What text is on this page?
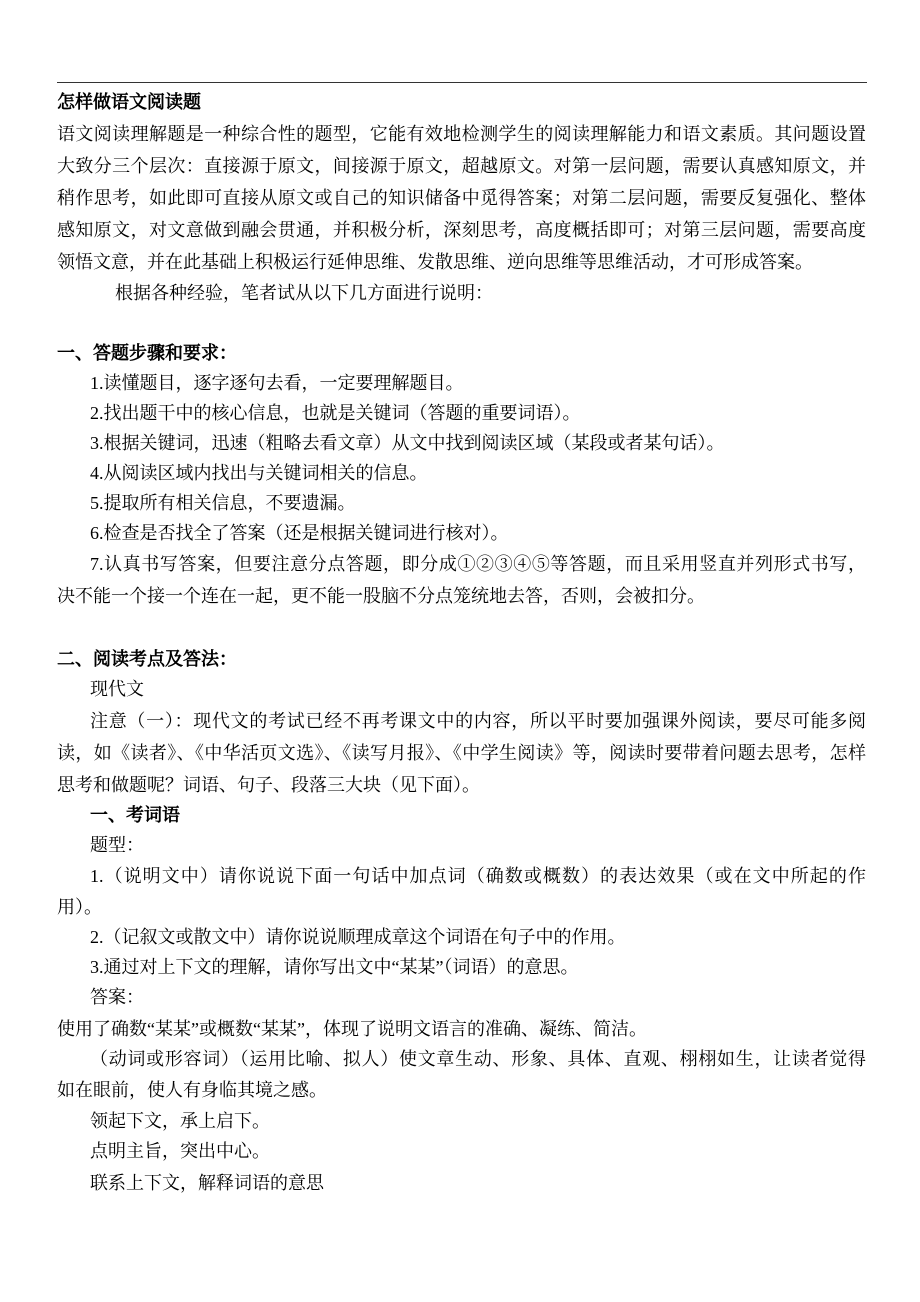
怎样做语文阅读题
语文阅读理解题是一种综合性的题型，它能有效地检测学生的阅读理解能力和语文素质。其问题设置
大致分三个层次：直接源于原文，间接源于原文，超越原文。对第一层问题，需要认真感知原文，并
稍作思考，如此即可直接从原文或自己的知识储备中觅得答案；对第二层问题，需要反复强化、整体
感知原文，对文意做到融会贯通，并积极分析，深刻思考，高度概括即可；对第三层问题，需要高度
领悟文意，并在此基础上积极运行延伸思维、发散思维、逆向思维等思维活动，才可形成答案。
根据各种经验，笔者试从以下几方面进行说明：
一、答题步骤和要求：
1.读懂题目，逐字逐句去看，一定要理解题目。
2.找出题干中的核心信息，也就是关键词（答题的重要词语）。
3.根据关键词，迅速（粗略去看文章）从文中找到阅读区域（某段或者某句话）。
4.从阅读区域内找出与关键词相关的信息。
5.提取所有相关信息，不要遗漏。
6.检查是否找全了答案（还是根据关键词进行核对）。
7.认真书写答案，但要注意分点答题，即分成①②③④⑤等答题，而且采用竖直并列形式书写，
决不能一个接一个连在一起，更不能一股脑不分点笼统地去答，否则，会被扣分。
二、阅读考点及答法：
现代文
注意（一）：现代文的考试已经不再考课文中的内容，所以平时要加强课外阅读，要尽可能多阅
读，如《读者》、《中华活页文选》、《读写月报》、《中学生阅读》等，阅读时要带着问题去思考，怎样
思考和做题呢？词语、句子、段落三大块（见下面）。
一、考词语
题型：
1.（说明文中）请你说说下面一句话中加点词（确数或概数）的表达效果（或在文中所起的作
用）。
2.（记叙文或散文中）请你说说顺理成章这个词语在句子中的作用。
3.通过对上下文的理解，请你写出文中“某某”（词语）的意思。
答案：
使用了确数“某某”或概数“某某”，体现了说明文语言的准确、凝练、简洁。
（动词或形容词）（运用比喻、拟人）使文章生动、形象、具体、直观、栩栩如生，让读者觉得
如在眼前，使人有身临其境之感。
领起下文，承上启下。
点明主旨，突出中心。
联系上下文，解释词语的意思
